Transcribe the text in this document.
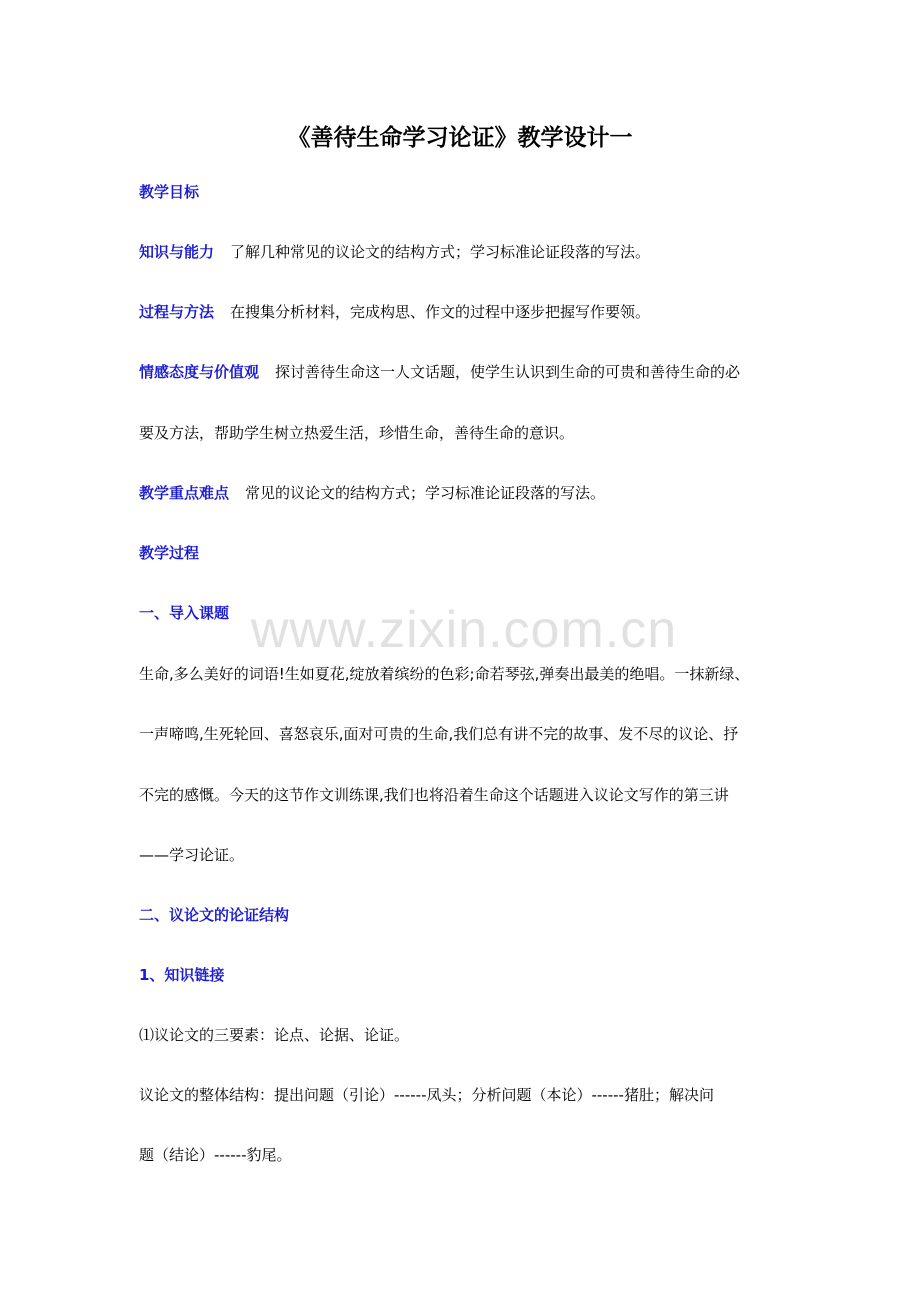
www.zixin.com.cn
《善待生命学习论证》教学设计一
教学目标
知识与能力 了解几种常见的议论文的结构方式；学习标准论证段落的写法。
过程与方法 在搜集分析材料，完成构思、作文的过程中逐步把握写作要领。
情感态度与价值观 探讨善待生命这一人文话题，使学生认识到生命的可贵和善待生命的必
要及方法，帮助学生树立热爱生活，珍惜生命，善待生命的意识。
教学重点难点 常见的议论文的结构方式；学习标准论证段落的写法。
教学过程
一、导入课题
生命,多么美好的词语!生如夏花,绽放着缤纷的色彩;命若琴弦,弹奏出最美的绝唱。一抹新绿、
一声啼鸣,生死轮回、喜怒哀乐,面对可贵的生命,我们总有讲不完的故事、发不尽的议论、抒
不完的感慨。今天的这节作文训练课,我们也将沿着生命这个话题进入议论文写作的第三讲
——学习论证。
二、议论文的论证结构
1、知识链接
⑴议论文的三要素：论点、论据、论证。
议论文的整体结构：提出问题（引论）------凤头；分析问题（本论）------猪肚；解决问
题（结论）------豹尾。
